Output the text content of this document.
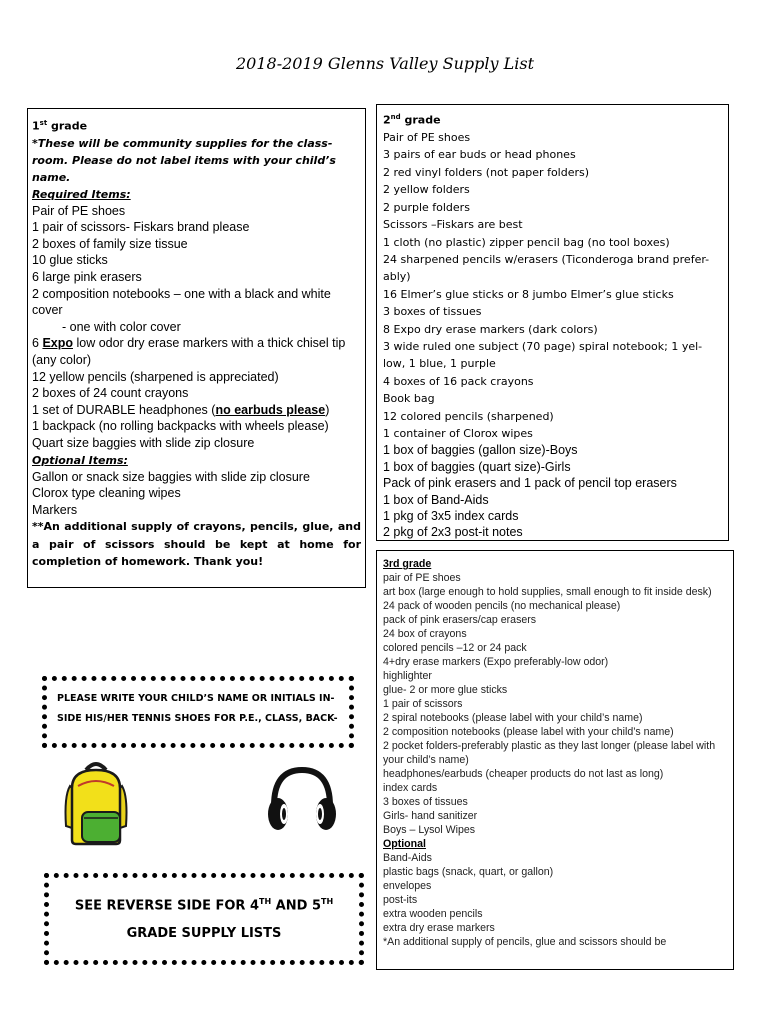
2018-2019 Glenns Valley Supply List
1st grade
*These will be community supplies for the class-
room. Please do not label items with your child’s name.
Required Items:
Pair of PE shoes
1 pair of scissors- Fiskars brand please
2 boxes of family size tissue
10 glue sticks
6 large pink erasers
2 composition notebooks – one with a black and white cover
- one with color cover
6 Expo low odor dry erase markers with a thick chisel tip (any color)
12 yellow pencils (sharpened is appreciated)
2 boxes of 24 count crayons
1 set of DURABLE headphones (no earbuds please)
1 backpack (no rolling backpacks with wheels please)
Quart size baggies with slide zip closure
Optional Items:
Gallon or snack size baggies with slide zip closure
Clorox type cleaning wipes
Markers
**An additional supply of crayons, pencils, glue, and a pair of scissors should be kept at home for completion of homework. Thank you!
2nd grade
Pair of PE shoes
3 pairs of ear buds or head phones
2 red vinyl folders (not paper folders)
2 yellow folders
2 purple folders
Scissors –Fiskars are best
1 cloth (no plastic) zipper pencil bag (no tool boxes)
24 sharpened pencils w/erasers (Ticonderoga brand prefer-ably)
16 Elmer’s glue sticks or 8 jumbo Elmer’s glue sticks
3 boxes of tissues
8 Expo dry erase markers (dark colors)
3 wide ruled one subject (70 page) spiral notebook; 1 yel-low, 1 blue, 1 purple
4 boxes of 16 pack crayons
Book bag
12 colored pencils (sharpened)
1 container of Clorox wipes
1 box of baggies (gallon size)-Boys
1 box of baggies (quart size)-Girls
Pack of pink erasers and 1 pack of pencil top erasers
1 box of Band-Aids
1 pkg of 3x5 index cards
2 pkg of 2x3 post-it notes
3rd grade
pair of PE shoes
art box (large enough to hold supplies, small enough to fit inside desk)
24 pack of wooden pencils (no mechanical please)
pack of pink erasers/cap erasers
24 box of crayons
colored pencils –12 or 24 pack
4+dry erase markers (Expo preferably-low odor)
highlighter
glue- 2 or more glue sticks
1 pair of scissors
2 spiral notebooks (please label with your child’s name)
2 composition notebooks (please label with your child’s name)
2 pocket folders-preferably plastic as they last longer (please label with your child’s name)
headphones/earbuds (cheaper products do not last as long)
index cards
3 boxes of tissues
Girls- hand sanitizer
Boys – Lysol Wipes
Optional
Band-Aids
plastic bags (snack, quart, or gallon)
envelopes
post-its
extra wooden pencils
extra dry erase markers
*An additional supply of pencils, glue and scissors should be
PLEASE WRITE YOUR CHILD’S NAME OR INITIALS IN-
SIDE HIS/HER TENNIS SHOES FOR P.E., CLASS, BACK-
SEE REVERSE SIDE FOR 4TH AND 5TH
GRADE SUPPLY LISTS
